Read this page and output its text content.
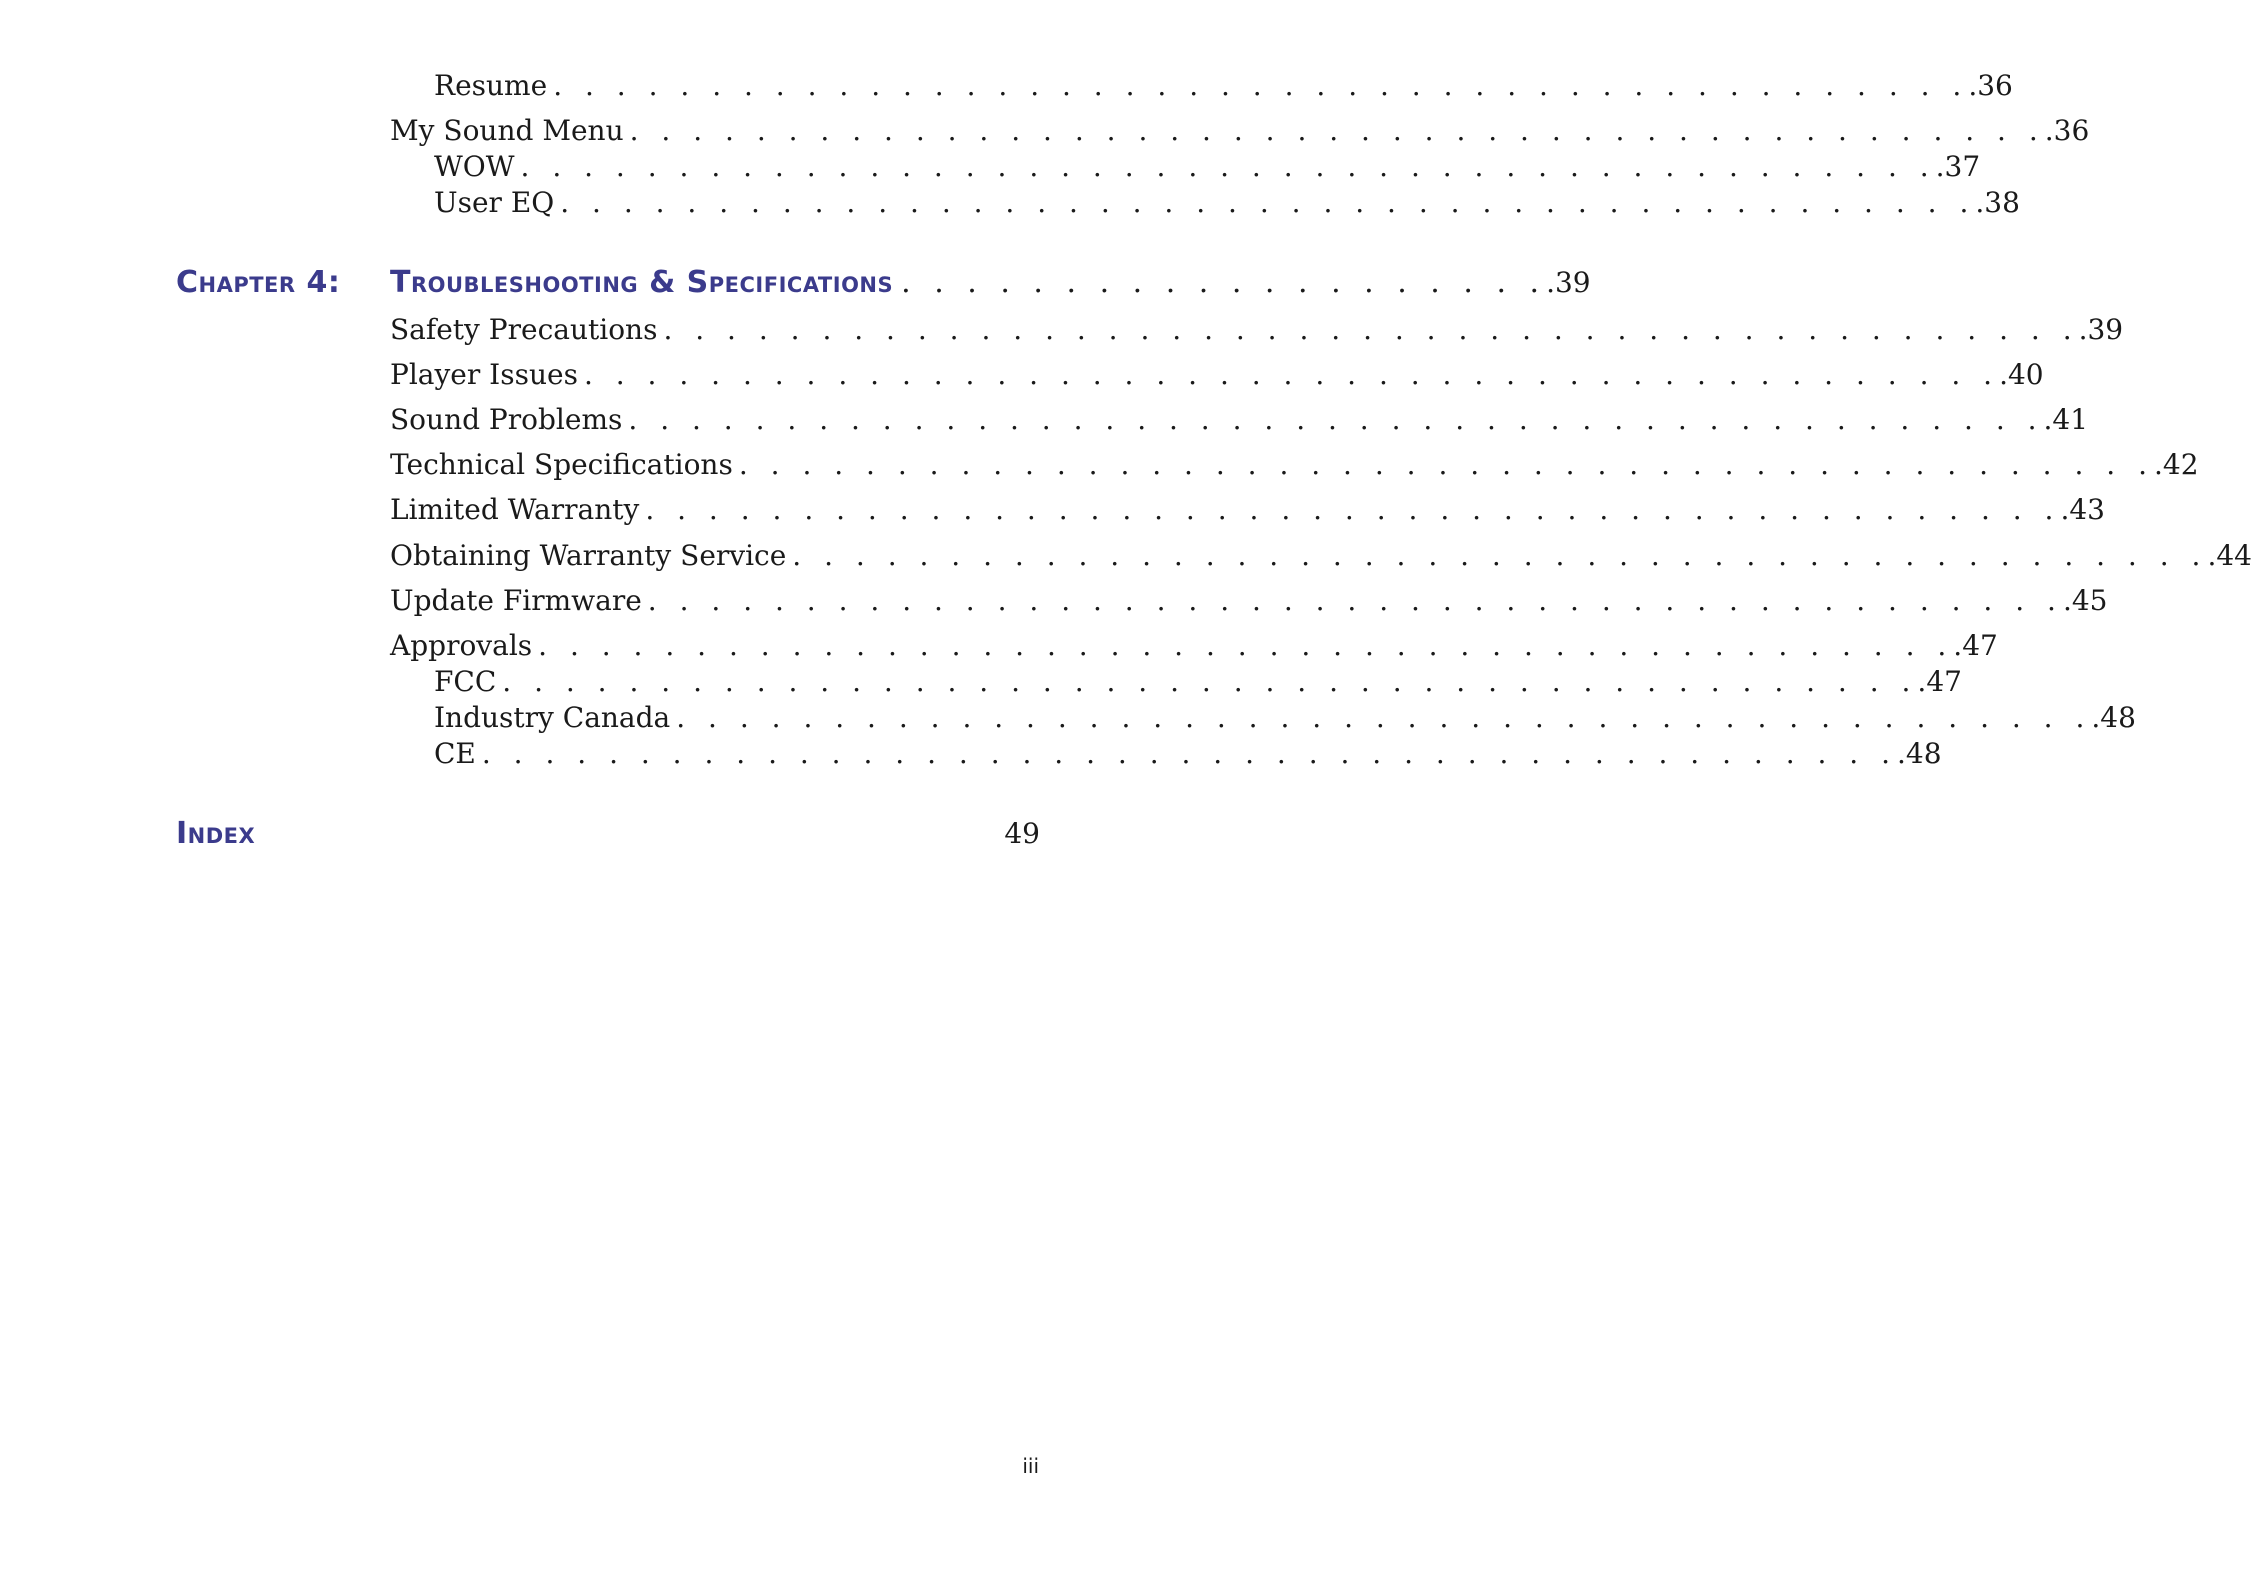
Resume . . . . . . . . . . . . . . . . . . . . . . . . . . . . . . . . . . . . . . . . . . . . . .36
My Sound Menu . . . . . . . . . . . . . . . . . . . . . . . . . . . . . . . . . . . . . . . . . . . . . .36
WOW . . . . . . . . . . . . . . . . . . . . . . . . . . . . . . . . . . . . . . . . . . . . . .37
User EQ . . . . . . . . . . . . . . . . . . . . . . . . . . . . . . . . . . . . . . . . . . . . . .38
Chapter 4: Troubleshooting & Specifications . . . . . . . . . . . . . . . . . . . . .39
Safety Precautions . . . . . . . . . . . . . . . . . . . . . . . . . . . . . . . . . . . . . . . . . . . . . .39
Player Issues . . . . . . . . . . . . . . . . . . . . . . . . . . . . . . . . . . . . . . . . . . . . . .40
Sound Problems . . . . . . . . . . . . . . . . . . . . . . . . . . . . . . . . . . . . . . . . . . . . . .41
Technical Specifications . . . . . . . . . . . . . . . . . . . . . . . . . . . . . . . . . . . . . . . . . . . . . .42
Limited Warranty . . . . . . . . . . . . . . . . . . . . . . . . . . . . . . . . . . . . . . . . . . . . . .43
Obtaining Warranty Service . . . . . . . . . . . . . . . . . . . . . . . . . . . . . . . . . . . . . . . . . . . . . .44
Update Firmware . . . . . . . . . . . . . . . . . . . . . . . . . . . . . . . . . . . . . . . . . . . . . .45
Approvals . . . . . . . . . . . . . . . . . . . . . . . . . . . . . . . . . . . . . . . . . . . . . .47
FCC . . . . . . . . . . . . . . . . . . . . . . . . . . . . . . . . . . . . . . . . . . . . . .47
Industry Canada . . . . . . . . . . . . . . . . . . . . . . . . . . . . . . . . . . . . . . . . . . . . . .48
CE . . . . . . . . . . . . . . . . . . . . . . . . . . . . . . . . . . . . . . . . . . . . . .48
Index	49
iii
